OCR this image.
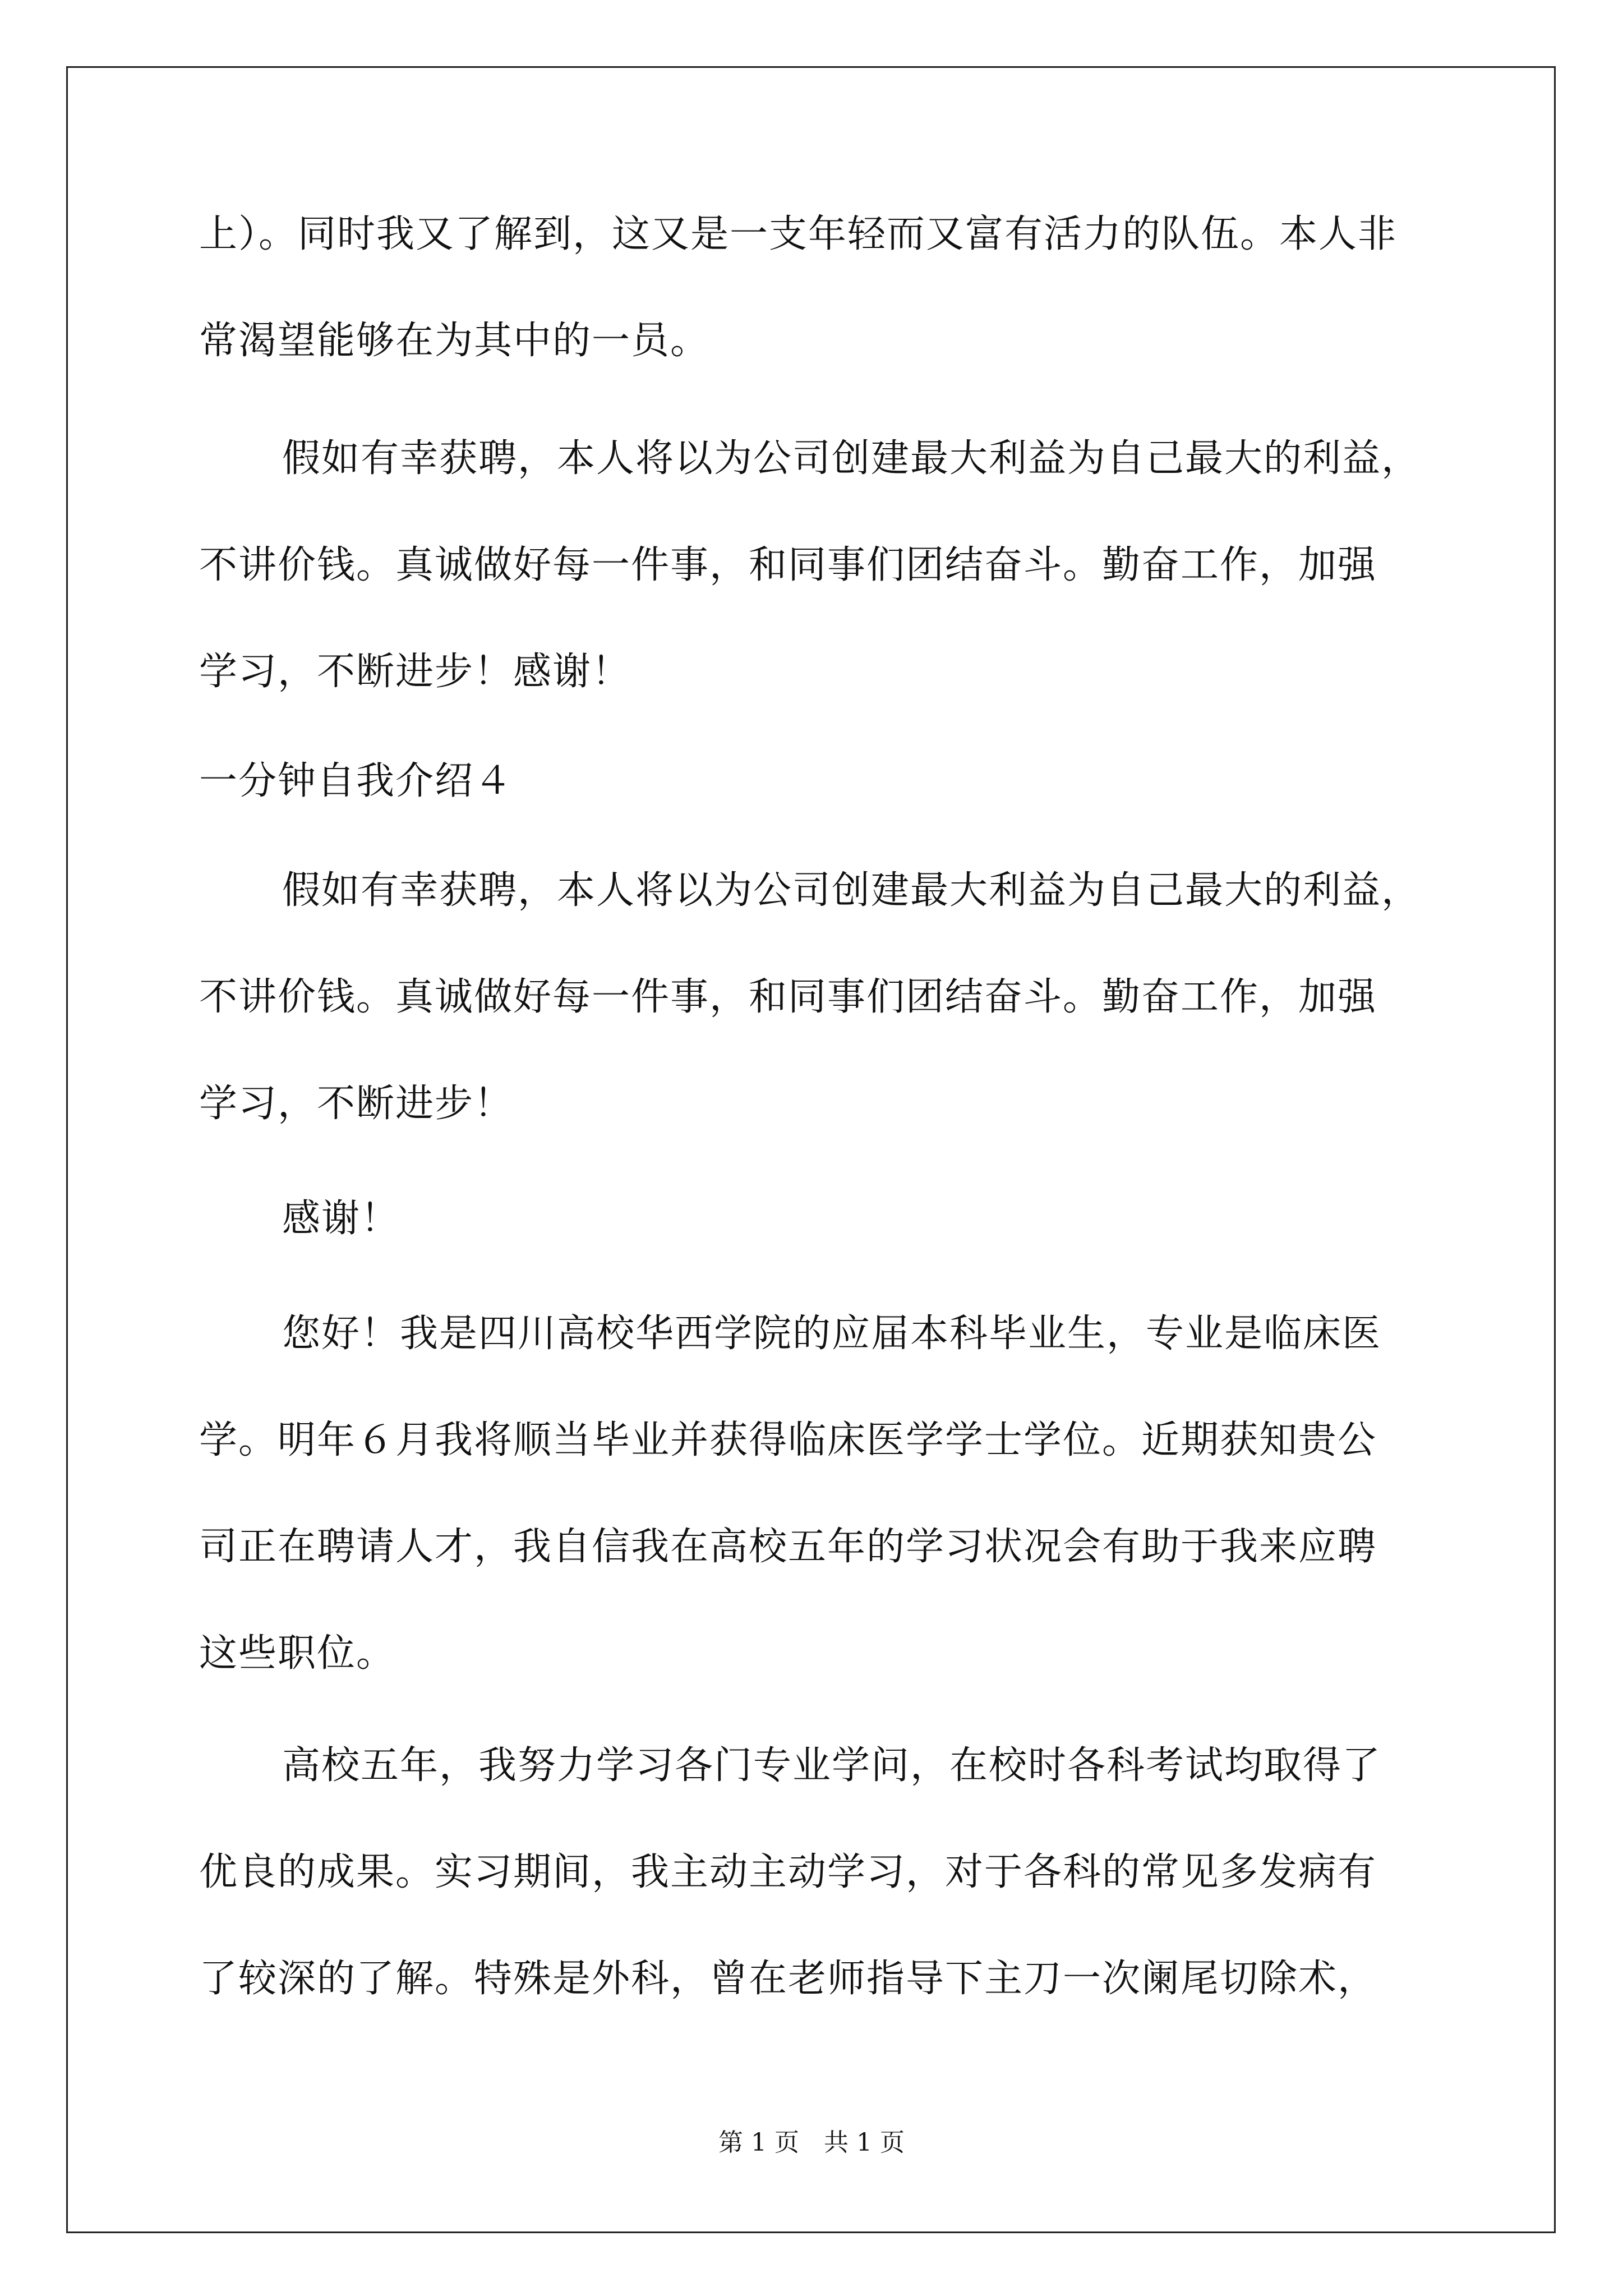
上）。同时我又了解到，这又是一支年轻而又富有活力的队伍。本人非
常渴望能够在为其中的一员。
假如有幸获聘，本人将以为公司创建最大利益为自己最大的利益，
不讲价钱。真诚做好每一件事，和同事们团结奋斗。勤奋工作，加强
学习，不断进步！感谢！
一分钟自我介绍４
假如有幸获聘，本人将以为公司创建最大利益为自己最大的利益，
不讲价钱。真诚做好每一件事，和同事们团结奋斗。勤奋工作，加强
学习，不断进步！
感谢！
您好！我是四川高校华西学院的应届本科毕业生，专业是临床医
学。明年６月我将顺当毕业并获得临床医学学士学位。近期获知贵公
司正在聘请人才，我自信我在高校五年的学习状况会有助于我来应聘
这些职位。
高校五年，我努力学习各门专业学问，在校时各科考试均取得了
优良的成果。实习期间，我主动主动学习，对于各科的常见多发病有
了较深的了解。特殊是外科，曾在老师指导下主刀一次阑尾切除术，
第 1 页　共 1 页
